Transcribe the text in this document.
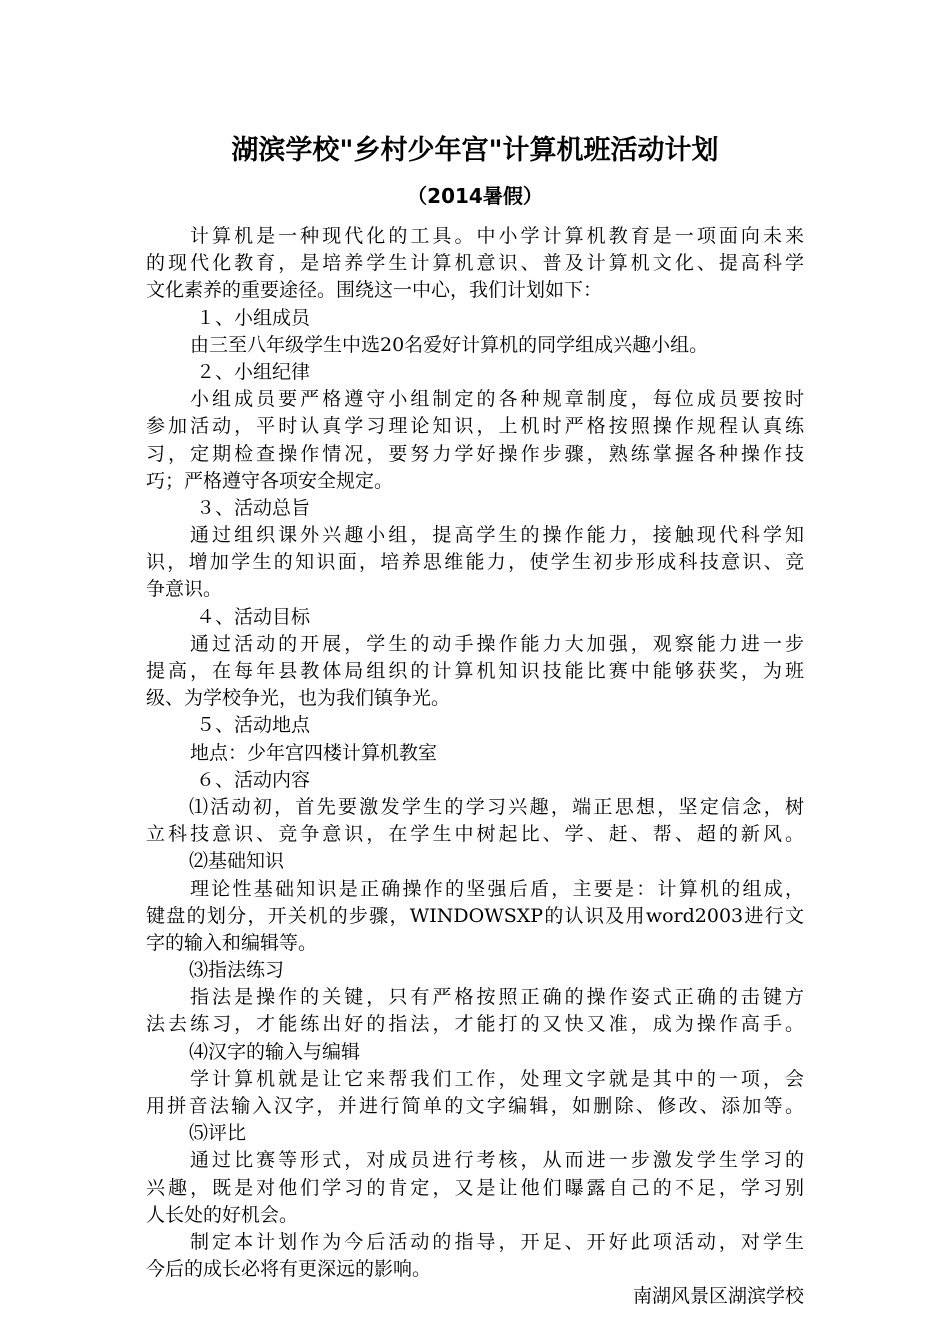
湖滨学校"乡村少年宫"计算机班活动计划
（2014暑假）
计算机是一种现代化的工具。中小学计算机教育是一项面向未来
的现代化教育，是培养学生计算机意识、普及计算机文化、提高科学
文化素养的重要途径。围绕这一中心，我们计划如下：
１、小组成员
由三至八年级学生中选20名爱好计算机的同学组成兴趣小组。
２、小组纪律
小组成员要严格遵守小组制定的各种规章制度，每位成员要按时
参加活动，平时认真学习理论知识，上机时严格按照操作规程认真练
习，定期检查操作情况，要努力学好操作步骤，熟练掌握各种操作技
巧；严格遵守各项安全规定。
３、活动总旨
通过组织课外兴趣小组，提高学生的操作能力，接触现代科学知
识，增加学生的知识面，培养思维能力，使学生初步形成科技意识、竞
争意识。
４、活动目标
通过活动的开展，学生的动手操作能力大加强，观察能力进一步
提高，在每年县教体局组织的计算机知识技能比赛中能够获奖，为班
级、为学校争光，也为我们镇争光。
５、活动地点
地点：少年宫四楼计算机教室
６、活动内容
⑴活动初，首先要激发学生的学习兴趣，端正思想，坚定信念，树
立科技意识、竞争意识，在学生中树起比、学、赶、帮、超的新风。
⑵基础知识
理论性基础知识是正确操作的坚强后盾，主要是：计算机的组成，
键盘的划分，开关机的步骤，WINDOWSXP的认识及用word2003进行文
字的输入和编辑等。
⑶指法练习
指法是操作的关键，只有严格按照正确的操作姿式正确的击键方
法去练习，才能练出好的指法，才能打的又快又准，成为操作高手。
⑷汉字的输入与编辑
学计算机就是让它来帮我们工作，处理文字就是其中的一项，会
用拼音法输入汉字，并进行简单的文字编辑，如删除、修改、添加等。
⑸评比
通过比赛等形式，对成员进行考核，从而进一步激发学生学习的
兴趣，既是对他们学习的肯定，又是让他们曝露自己的不足，学习别
人长处的好机会。
制定本计划作为今后活动的指导，开足、开好此项活动，对学生
今后的成长必将有更深远的影响。
南湖风景区湖滨学校
